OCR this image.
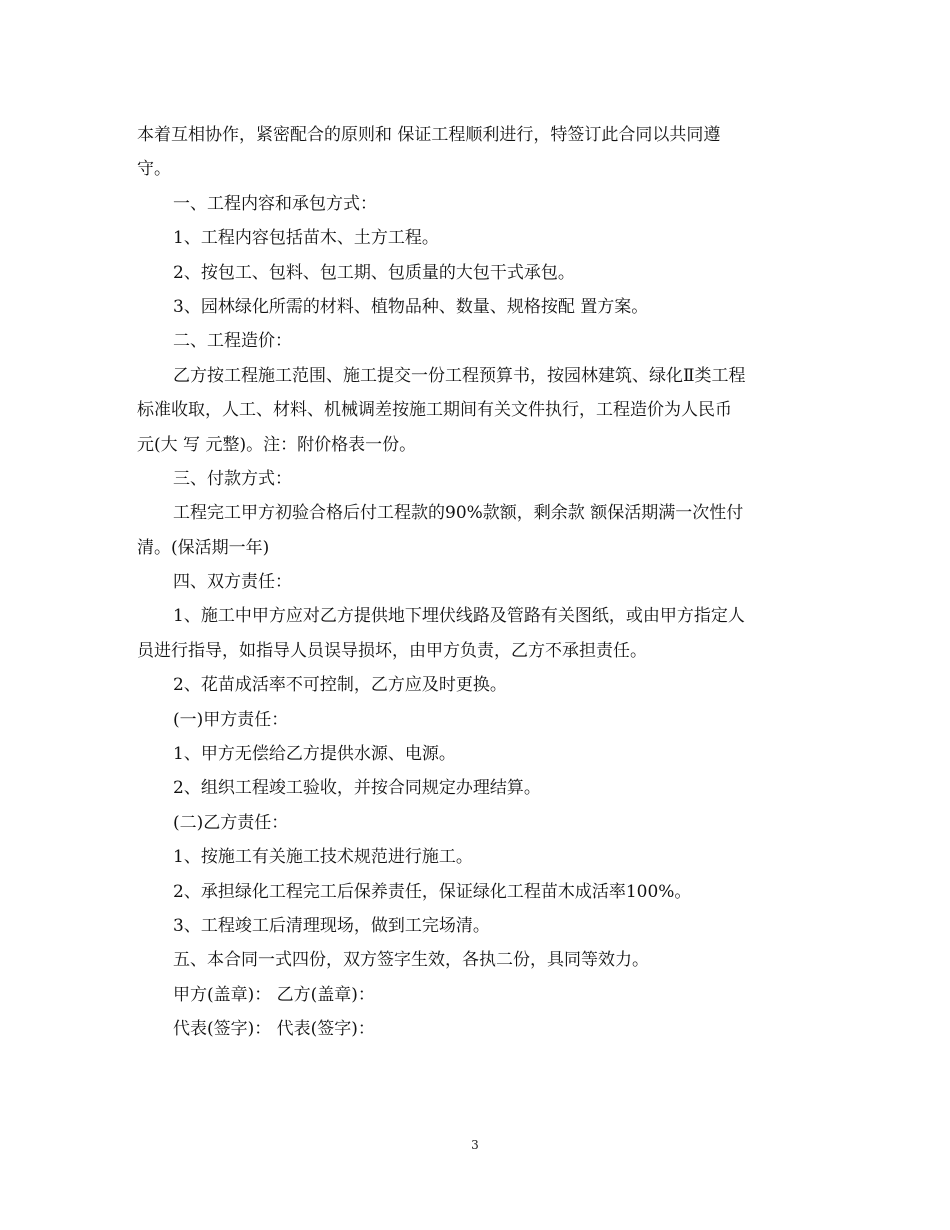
本着互相协作，紧密配合的原则和 保证工程顺利进行，特签订此合同以共同遵
守。
一、工程内容和承包方式：
1、工程内容包括苗木、土方工程。
2、按包工、包料、包工期、包质量的大包干式承包。
3、园林绿化所需的材料、植物品种、数量、规格按配 置方案。
二、工程造价：
乙方按工程施工范围、施工提交一份工程预算书，按园林建筑、绿化Ⅱ类工程
标准收取，人工、材料、机械调差按施工期间有关文件执行，工程造价为人民币
元(大 写 元整)。注：附价格表一份。
三、付款方式：
工程完工甲方初验合格后付工程款的90%款额，剩余款 额保活期满一次性付
清。(保活期一年)
四、双方责任：
1、施工中甲方应对乙方提供地下埋伏线路及管路有关图纸，或由甲方指定人
员进行指导，如指导人员误导损坏，由甲方负责，乙方不承担责任。
2、花苗成活率不可控制，乙方应及时更换。
(一)甲方责任：
1、甲方无偿给乙方提供水源、电源。
2、组织工程竣工验收，并按合同规定办理结算。
(二)乙方责任：
1、按施工有关施工技术规范进行施工。
2、承担绿化工程完工后保养责任，保证绿化工程苗木成活率100%。
3、工程竣工后清理现场，做到工完场清。
五、本合同一式四份，双方签字生效，各执二份，具同等效力。
甲方(盖章)： 乙方(盖章)：
代表(签字)： 代表(签字)：
3
